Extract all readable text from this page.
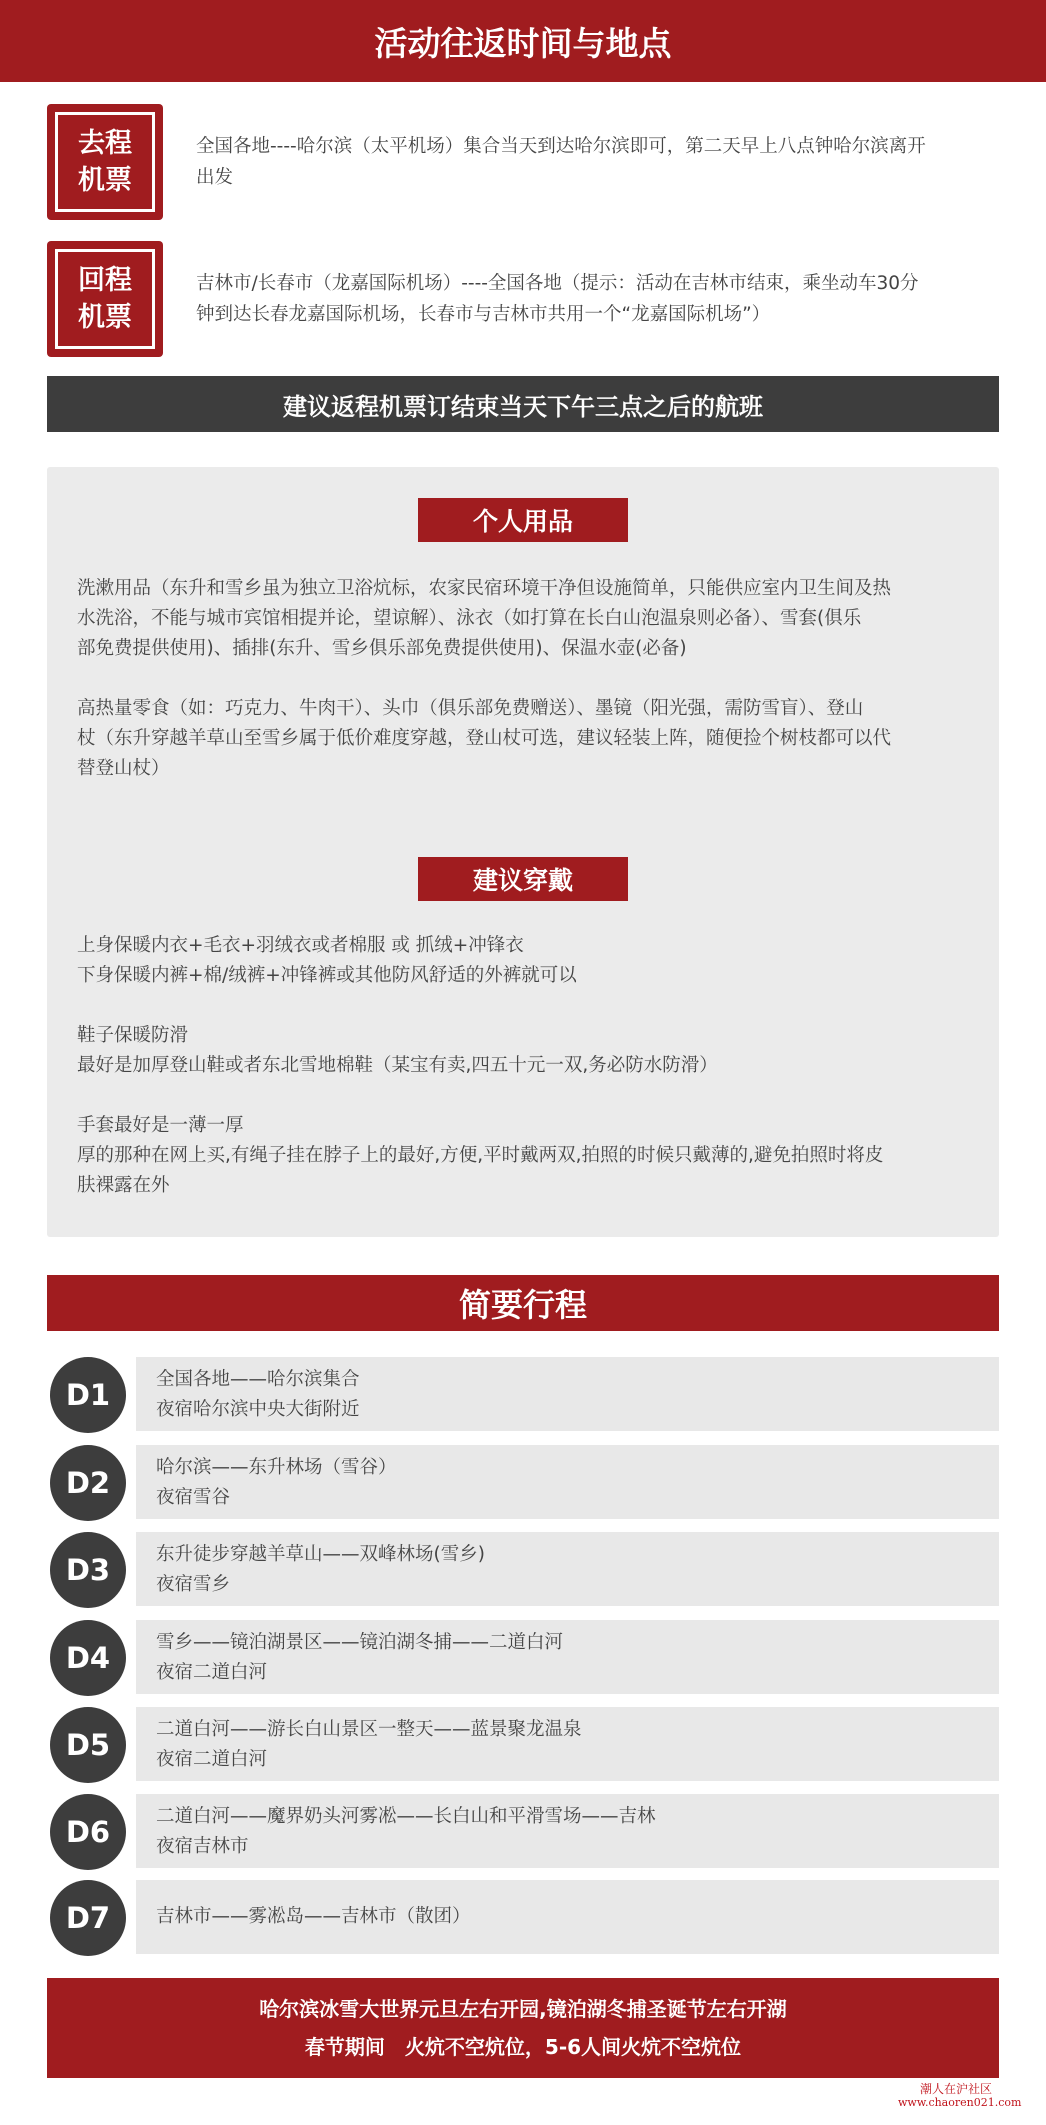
活动往返时间与地点
去程
机票
全国各地----哈尔滨（太平机场）集合当天到达哈尔滨即可，第二天早上八点钟哈尔滨离开
出发
回程
机票
吉林市/长春市（龙嘉国际机场）----全国各地（提示：活动在吉林市结束，乘坐动车30分
钟到达长春龙嘉国际机场，长春市与吉林市共用一个“龙嘉国际机场”）
建议返程机票订结束当天下午三点之后的航班
个人用品
洗漱用品（东升和雪乡虽为独立卫浴炕标，农家民宿环境干净但设施简单，只能供应室内卫生间及热
水洗浴，不能与城市宾馆相提并论，望谅解）、泳衣（如打算在长白山泡温泉则必备）、雪套(俱乐
部免费提供使用)、插排(东升、雪乡俱乐部免费提供使用)、保温水壶(必备)
高热量零食（如：巧克力、牛肉干）、头巾（俱乐部免费赠送）、墨镜（阳光强，需防雪盲）、登山
杖（东升穿越羊草山至雪乡属于低价难度穿越，登山杖可选，建议轻装上阵，随便捡个树枝都可以代
替登山杖）
建议穿戴
上身保暖内衣+毛衣+羽绒衣或者棉服 或 抓绒+冲锋衣
下身保暖内裤+棉/绒裤+冲锋裤或其他防风舒适的外裤就可以
鞋子保暖防滑
最好是加厚登山鞋或者东北雪地棉鞋（某宝有卖,四五十元一双,务必防水防滑）
手套最好是一薄一厚
厚的那种在网上买,有绳子挂在脖子上的最好,方便,平时戴两双,拍照的时候只戴薄的,避免拍照时将皮
肤裸露在外
简要行程
D1	全国各地——哈尔滨集合
夜宿哈尔滨中央大街附近
D2	哈尔滨——东升林场（雪谷）
夜宿雪谷
D3	东升徒步穿越羊草山——双峰林场(雪乡)
夜宿雪乡
D4	雪乡——镜泊湖景区——镜泊湖冬捕——二道白河
夜宿二道白河
D5	二道白河——游长白山景区一整天——蓝景聚龙温泉
夜宿二道白河
D6	二道白河——魔界奶头河雾凇——长白山和平滑雪场——吉林
夜宿吉林市
D7	吉林市——雾凇岛——吉林市（散团）
哈尔滨冰雪大世界元旦左右开园,镜泊湖冬捕圣诞节左右开湖
春节期间　火炕不空炕位，5-6人间火炕不空炕位
潮人在沪社区
www.chaoren021.com
